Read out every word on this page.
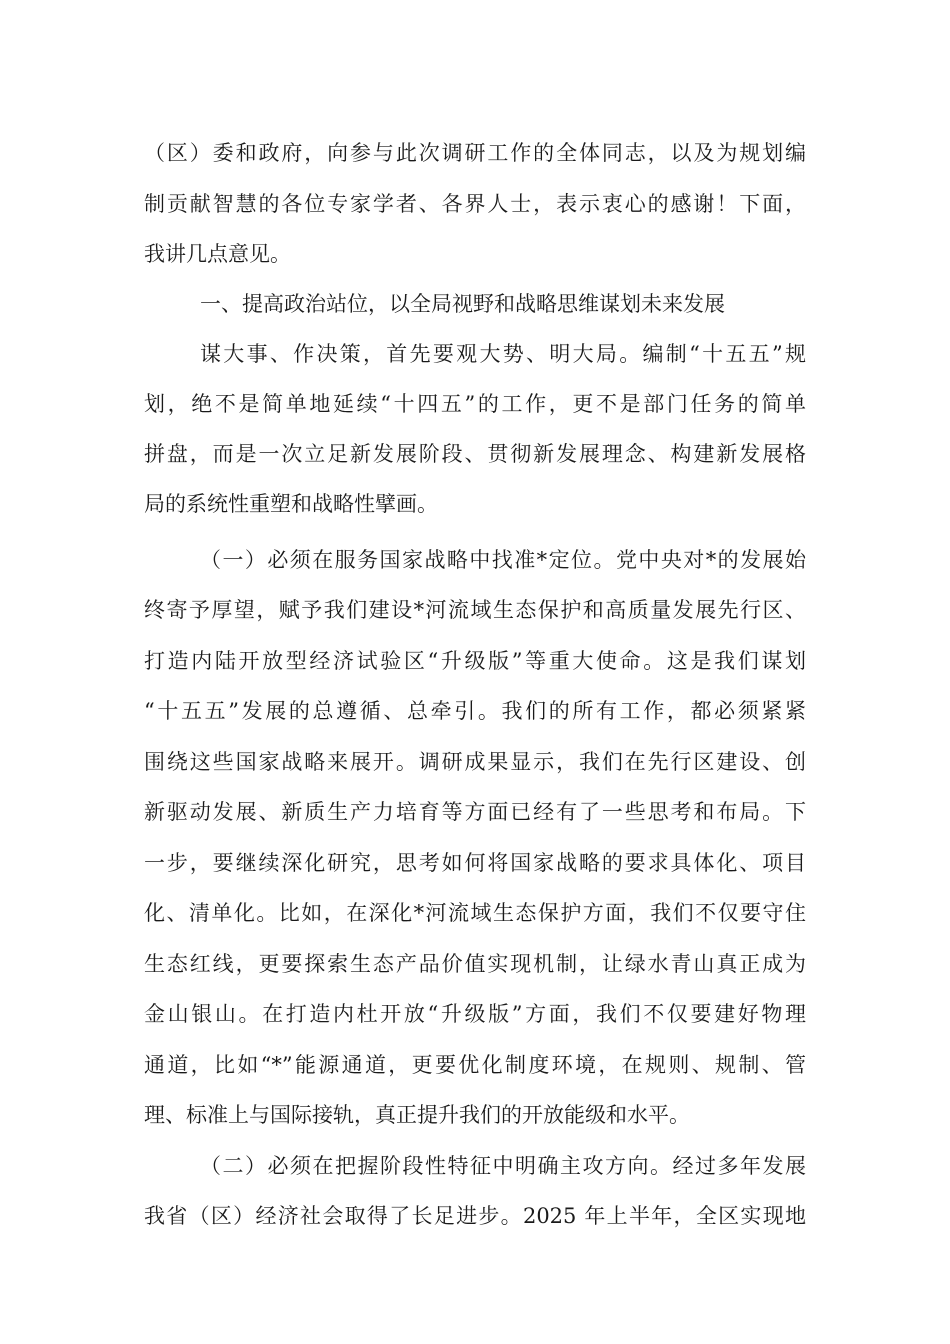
（区）委和政府，向参与此次调研工作的全体同志，以及为规划编
制贡献智慧的各位专家学者、各界人士，表示衷心的感谢！下面，
我讲几点意见。
一、提高政治站位，以全局视野和战略思维谋划未来发展
谋大事、作决策，首先要观大势、明大局。编制“十五五”规
划，绝不是简单地延续“十四五”的工作，更不是部门任务的简单
拼盘，而是一次立足新发展阶段、贯彻新发展理念、构建新发展格
局的系统性重塑和战略性擘画。
（一）必须在服务国家战略中找准*定位。党中央对*的发展始
终寄予厚望，赋予我们建设*河流域生态保护和高质量发展先行区、
打造内陆开放型经济试验区“升级版”等重大使命。这是我们谋划
“十五五”发展的总遵循、总牵引。我们的所有工作，都必须紧紧
围绕这些国家战略来展开。调研成果显示，我们在先行区建设、创
新驱动发展、新质生产力培育等方面已经有了一些思考和布局。下
一步，要继续深化研究，思考如何将国家战略的要求具体化、项目
化、清单化。比如，在深化*河流域生态保护方面，我们不仅要守住
生态红线，更要探索生态产品价值实现机制，让绿水青山真正成为
金山银山。在打造内杜开放“升级版”方面，我们不仅要建好物理
通道，比如“*”能源通道，更要优化制度环境，在规则、规制、管
理、标准上与国际接轨，真正提升我们的开放能级和水平。
（二）必须在把握阶段性特征中明确主攻方向。经过多年发展
我省（区）经济社会取得了长足进步。2025 年上半年，全区实现地
